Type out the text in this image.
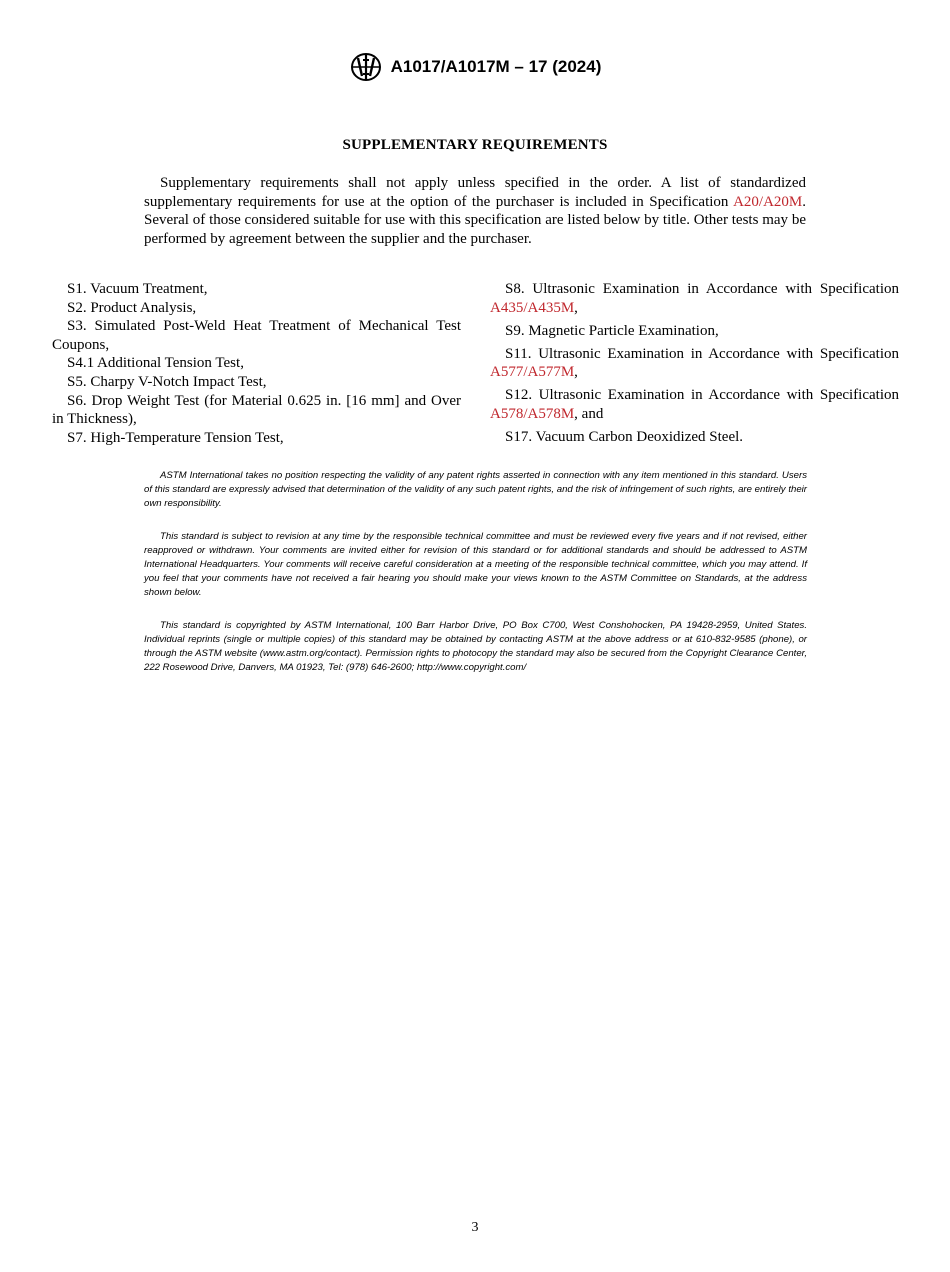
A1017/A1017M – 17 (2024)
SUPPLEMENTARY REQUIREMENTS

Supplementary requirements shall not apply unless specified in the order. A list of standardized supplementary requirements for use at the option of the purchaser is included in Specification A20/A20M. Several of those considered suitable for use with this specification are listed below by title. Other tests may be performed by agreement between the supplier and the purchaser.

S1. Vacuum Treatment,

S2. Product Analysis,

S3. Simulated Post-Weld Heat Treatment of Mechanical Test Coupons,

S4.1 Additional Tension Test,

S5. Charpy V-Notch Impact Test,

S6. Drop Weight Test (for Material 0.625 in. [16 mm] and Over in Thickness),

S7. High-Temperature Tension Test,

S8. Ultrasonic Examination in Accordance with Specification A435/A435M,

S9. Magnetic Particle Examination,

S11. Ultrasonic Examination in Accordance with Specification A577/A577M,

S12. Ultrasonic Examination in Accordance with Specification A578/A578M, and

S17. Vacuum Carbon Deoxidized Steel.

ASTM International takes no position respecting the validity of any patent rights asserted in connection with any item mentioned in this standard. Users of this standard are expressly advised that determination of the validity of any such patent rights, and the risk of infringement of such rights, are entirely their own responsibility.

This standard is subject to revision at any time by the responsible technical committee and must be reviewed every five years and if not revised, either reapproved or withdrawn. Your comments are invited either for revision of this standard or for additional standards and should be addressed to ASTM International Headquarters. Your comments will receive careful consideration at a meeting of the responsible technical committee, which you may attend. If you feel that your comments have not received a fair hearing you should make your views known to the ASTM Committee on Standards, at the address shown below.

This standard is copyrighted by ASTM International, 100 Barr Harbor Drive, PO Box C700, West Conshohocken, PA 19428-2959, United States. Individual reprints (single or multiple copies) of this standard may be obtained by contacting ASTM at the above address or at 610-832-9585 (phone), or through the ASTM website (www.astm.org/contact). Permission rights to photocopy the standard may also be secured from the Copyright Clearance Center, 222 Rosewood Drive, Danvers, MA 01923, Tel: (978) 646-2600; http://www.copyright.com/

3
